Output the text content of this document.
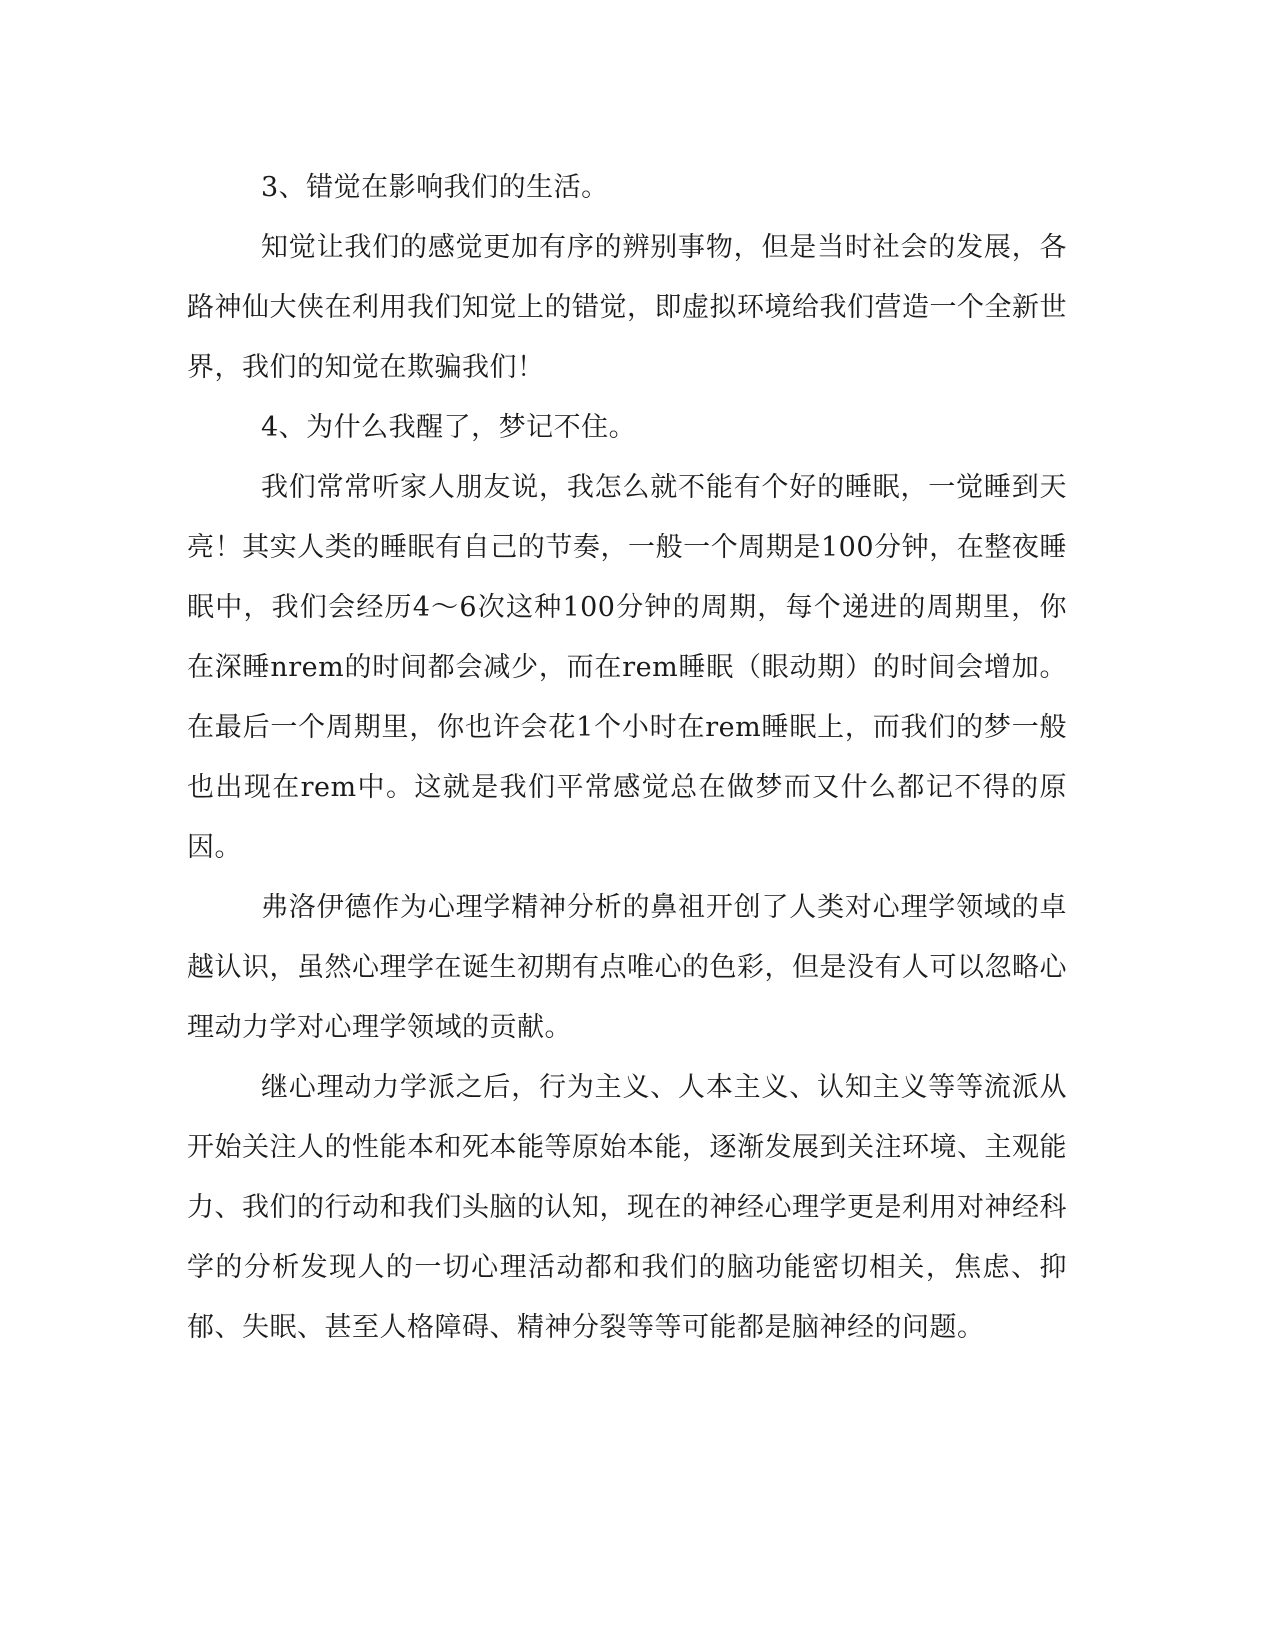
3、错觉在影响我们的生活。

知觉让我们的感觉更加有序的辨别事物，但是当时社会的发展，各路神仙大侠在利用我们知觉上的错觉，即虚拟环境给我们营造一个全新世界，我们的知觉在欺骗我们！

4、为什么我醒了，梦记不住。

我们常常听家人朋友说，我怎么就不能有个好的睡眠，一觉睡到天亮！其实人类的睡眠有自己的节奏，一般一个周期是100分钟，在整夜睡眠中，我们会经历4～6次这种100分钟的周期，每个递进的周期里，你在深睡nrem的时间都会减少，而在rem睡眠（眼动期）的时间会增加。在最后一个周期里，你也许会花1个小时在rem睡眠上，而我们的梦一般也出现在rem中。这就是我们平常感觉总在做梦而又什么都记不得的原因。

弗洛伊德作为心理学精神分析的鼻祖开创了人类对心理学领域的卓越认识，虽然心理学在诞生初期有点唯心的色彩，但是没有人可以忽略心理动力学对心理学领域的贡献。

继心理动力学派之后，行为主义、人本主义、认知主义等等流派从开始关注人的性能本和死本能等原始本能，逐渐发展到关注环境、主观能力、我们的行动和我们头脑的认知，现在的神经心理学更是利用对神经科学的分析发现人的一切心理活动都和我们的脑功能密切相关，焦虑、抑郁、失眠、甚至人格障碍、精神分裂等等可能都是脑神经的问题。
